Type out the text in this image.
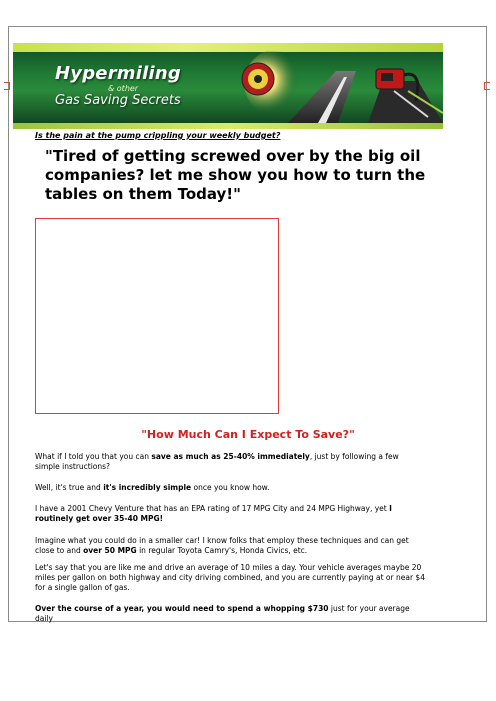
Hypermiling
& other
Gas Saving Secrets
Is the pain at the pump crippling your weekly budget?
"Tired of getting screwed over by the big oil companies? let me show you how to turn the tables on them Today!"
"How Much Can I Expect To Save?"
What if I told you that you can save as much as 25-40% immediately, just by following a few simple instructions?
Well, it's true and it's incredibly simple once you know how.
I have a 2001 Chevy Venture that has an EPA rating of 17 MPG City and 24 MPG Highway, yet I routinely get over 35-40 MPG!
Imagine what you could do in a smaller car! I know folks that employ these techniques and can get close to and over 50 MPG in regular Toyota Camry's, Honda Civics, etc.
Let's say that you are like me and drive an average of 10 miles a day. Your vehicle averages maybe 20 miles per gallon on both highway and city driving combined, and you are currently paying at or near $4 for a single gallon of gas.
Over the course of a year, you would need to spend a whopping $730 just for your average daily
